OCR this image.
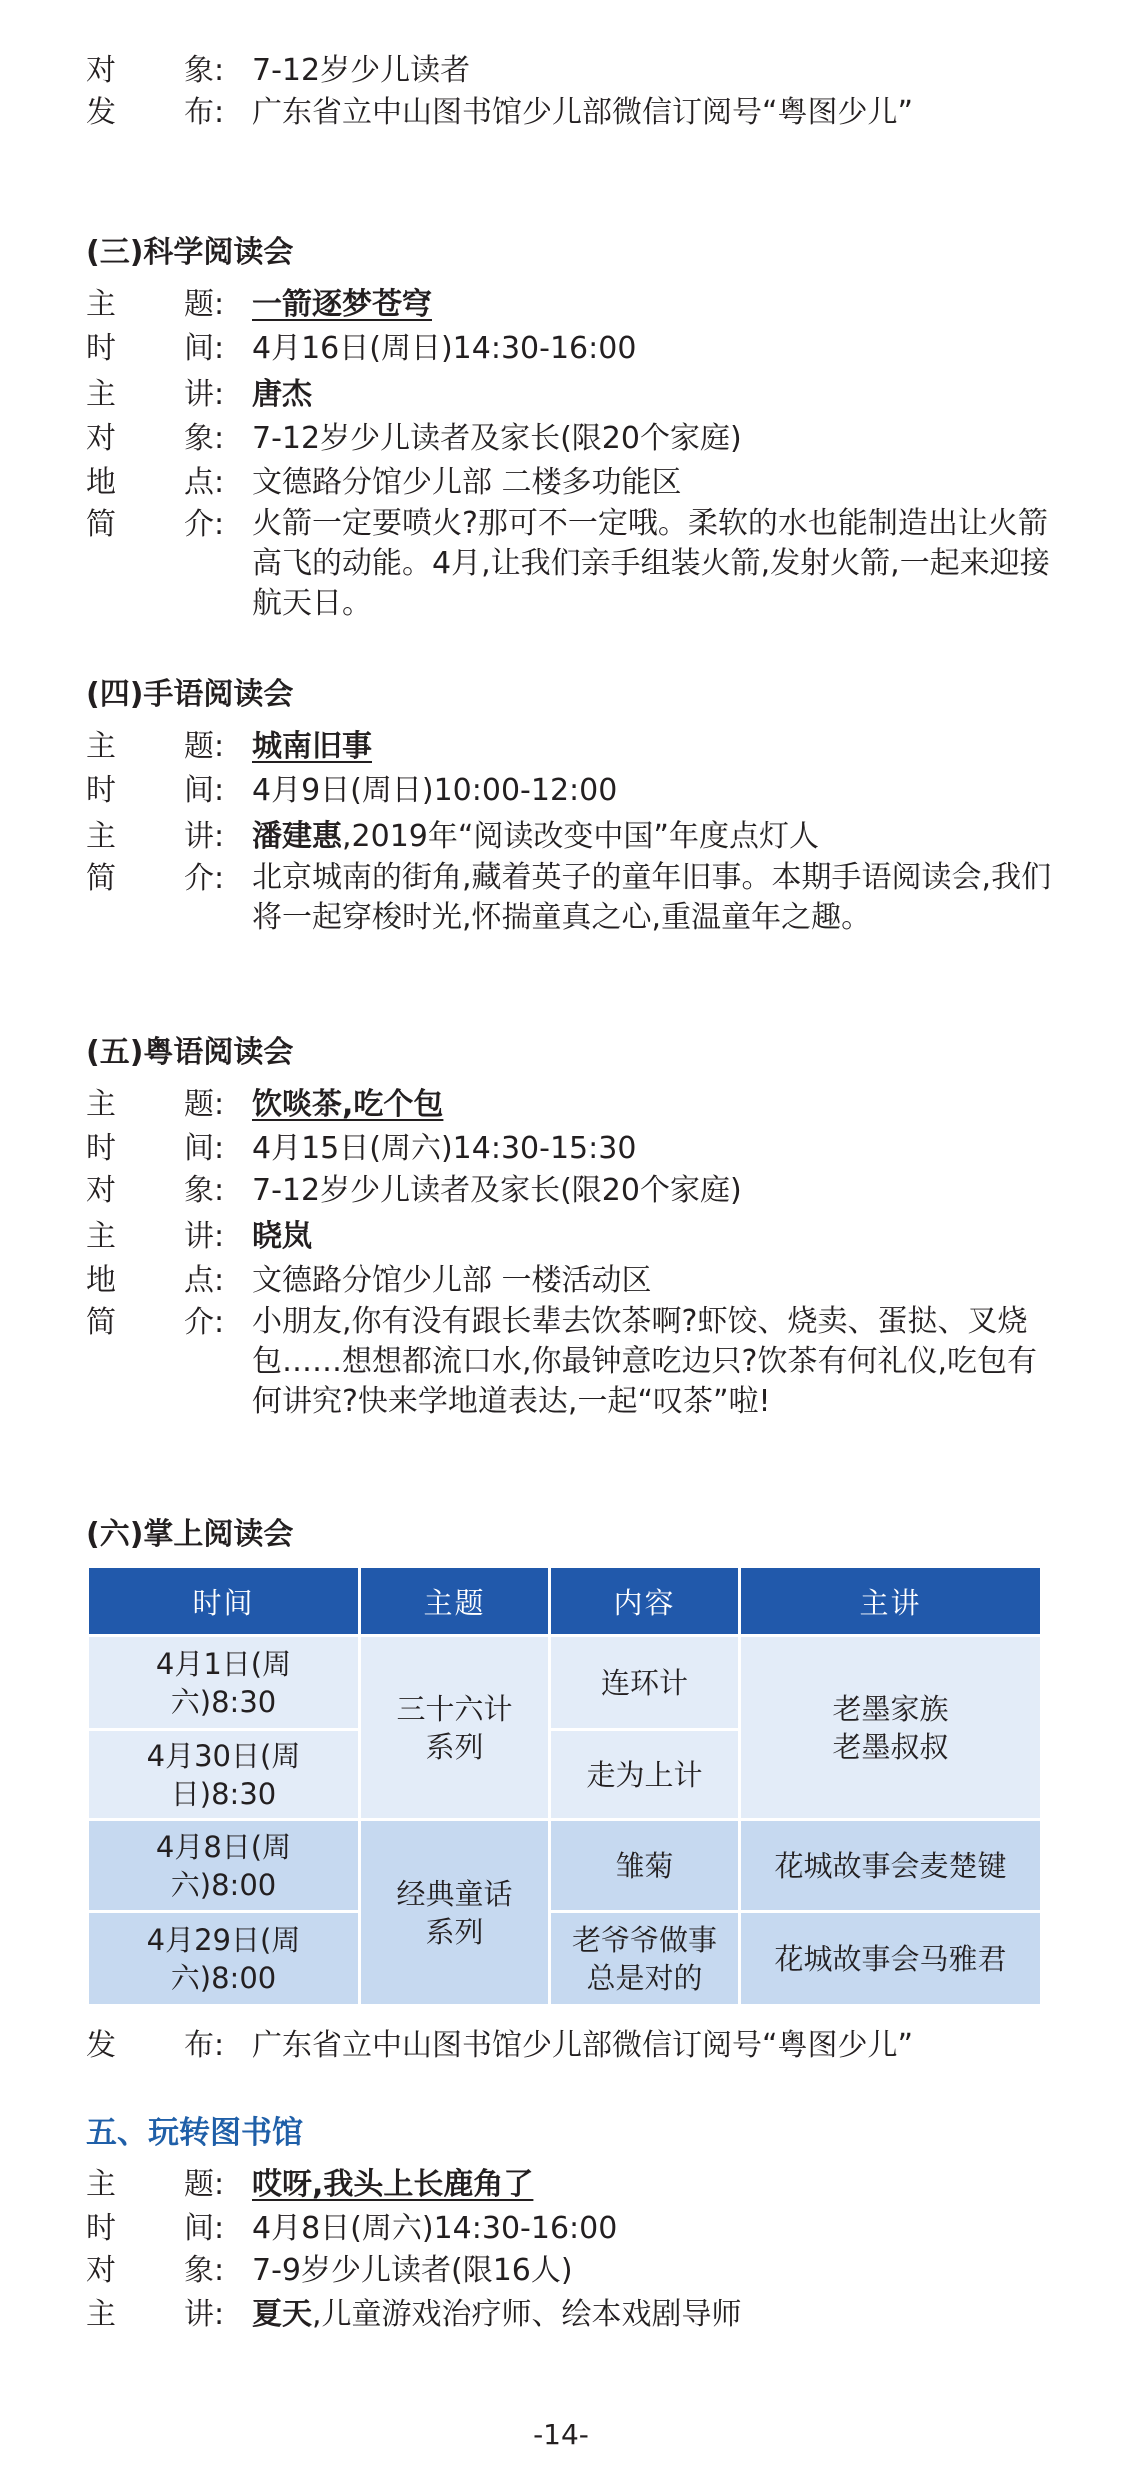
对 象 : 7-12岁少儿读者
发 布 : 广东省立中山图书馆少儿部微信订阅号“粤图少儿”
(三)科学阅读会
主 题 : 一箭逐梦苍穹
时 间 : 4月16日(周日)14:30-16:00
主 讲 : 唐杰
对 象 : 7-12岁少儿读者及家长(限20个家庭)
地 点 : 文德路分馆少儿部 二楼多功能区
简 介 : 火箭一定要喷火?那可不一定哦。柔软的水也能制造出让火箭高飞的动能。4月,让我们亲手组装火箭,发射火箭,一起来迎接航天日。
(四)手语阅读会
主 题 : 城南旧事
时 间 : 4月9日(周日)10:00-12:00
主 讲 : 潘建惠,2019年“阅读改变中国”年度点灯人
简 介 : 北京城南的街角,藏着英子的童年旧事。本期手语阅读会,我们将一起穿梭时光,怀揣童真之心,重温童年之趣。
(五)粤语阅读会
主 题 : 饮啖茶,吃个包
时 间 : 4月15日(周六)14:30-15:30
对 象 : 7-12岁少儿读者及家长(限20个家庭)
主 讲 : 晓岚
地 点 : 文德路分馆少儿部 一楼活动区
简 介 : 小朋友,你有没有跟长辈去饮茶啊?虾饺、烧卖、蛋挞、叉烧包……想想都流口水,你最钟意吃边只?饮茶有何礼仪,吃包有何讲究?快来学地道表达,一起“叹茶”啦!
(六)掌上阅读会
时间	主题	内容	主讲
4月1日(周六)8:30	三十六计系列	连环计	老墨家族老墨叔叔
4月30日(周日)8:30		走为上计	
4月8日(周六)8:00	经典童话系列	雏菊	花城故事会麦楚键
4月29日(周六)8:00		老爷爷做事总是对的	花城故事会马雅君
发 布 : 广东省立中山图书馆少儿部微信订阅号“粤图少儿”
五、玩转图书馆
主 题 : 哎呀,我头上长鹿角了
时 间 : 4月8日(周六)14:30-16:00
对 象 : 7-9岁少儿读者(限16人)
主 讲 : 夏天,儿童游戏治疗师、绘本戏剧导师
-14-
